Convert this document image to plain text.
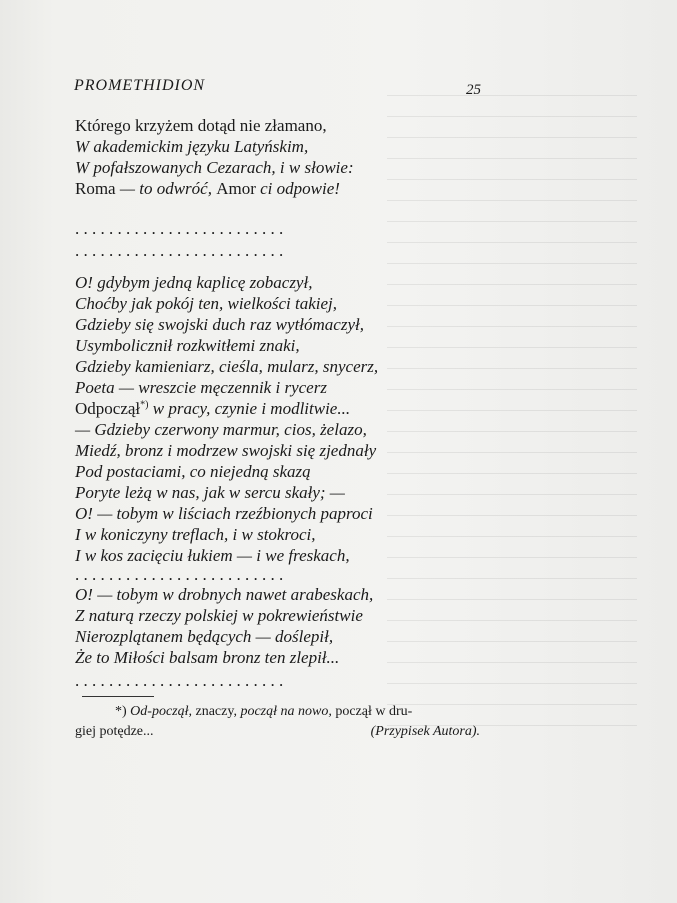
PROMETHIDION	25
Którego krzyżem dotąd nie złamano,
W akademickim języku Latyńskim,
W pofałszowanych Cezarach, i w słowie:
Roma — to odwróć, Amor ci odpowie!
. . . . . . . . . . . . . . . . . . . . . . . . .
. . . . . . . . . . . . . . . . . . . . . . . . .
O! gdybym jedną kaplicę zobaczył,
Choćby jak pokój ten, wielkości takiej,
Gdzieby się swojski duch raz wytłómaczył,
Usymbolicznił rozkwitłemi znaki,
Gdzieby kamieniarz, cieśla, mularz, snycerz,
Poeta — wreszcie męczennik i rycerz
Odpoczął*) w pracy, czynie i modlitwie...
— Gdzieby czerwony marmur, cios, żelazo,
Miedź, bronz i modrzew swojski się zjednały
Pod postaciami, co niejedną skazą
Poryte leżą w nas, jak w sercu skały; —
O! — tobym w liściach rzeźbionych paproci
I w koniczyny treflach, i w stokroci,
I w kos zacięciu łukiem — i we freskach,
. . . . . . . . . . . . . . . . . . . . . . . . .
O! — tobym w drobnych nawet arabeskach,
Z naturą rzeczy polskiej w pokrewieństwie
Nierozplątanem będących — doślepił,
Że to Miłości balsam bronz ten zlepił...
. . . . . . . . . . . . . . . . . . . . . . . . .
*) Od-począł, znaczy, począł na nowo, począł w dru-
giej potędze...	(Przypisek Autora).
